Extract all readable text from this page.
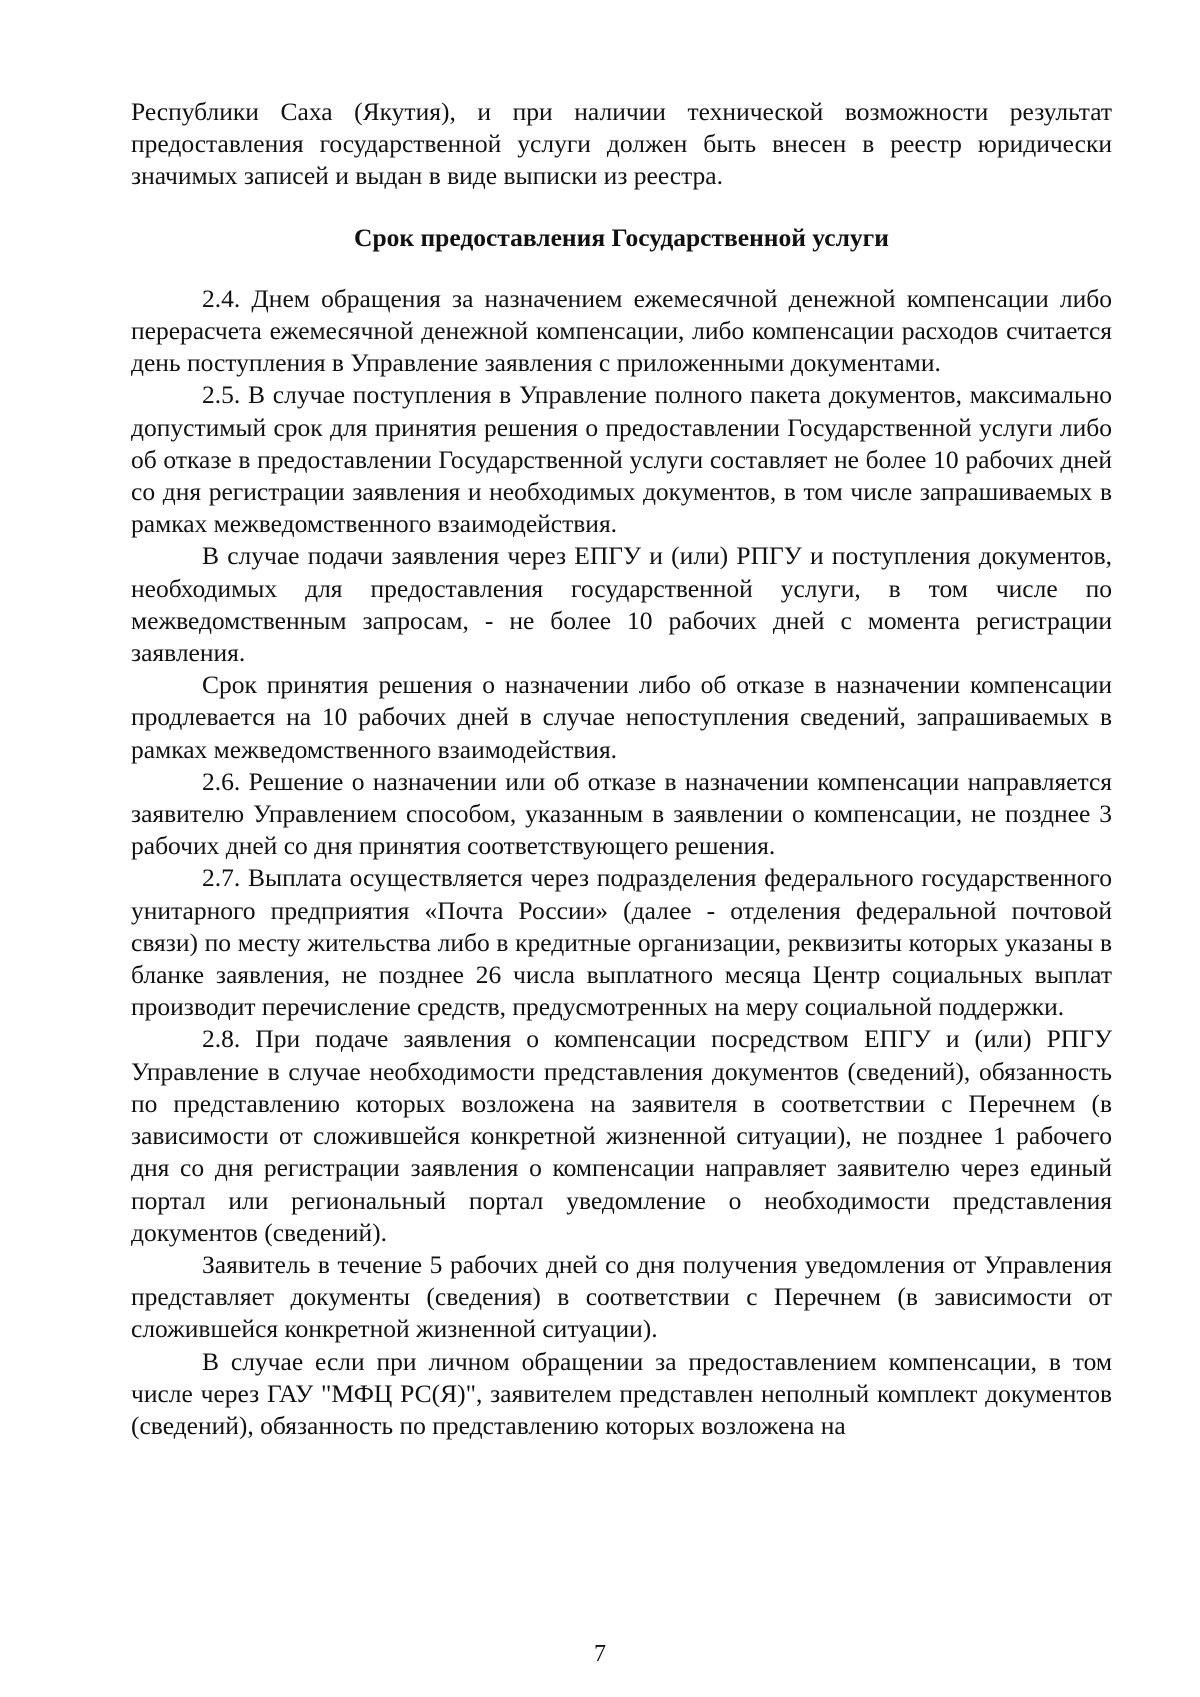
Республики Саха (Якутия), и при наличии технической возможности результат предоставления государственной услуги должен быть внесен в реестр юридически значимых записей и выдан в виде выписки из реестра.

Срок предоставления Государственной услуги

2.4. Днем обращения за назначением ежемесячной денежной компенсации либо перерасчета ежемесячной денежной компенсации, либо компенсации расходов считается день поступления в Управление заявления с приложенными документами.

2.5. В случае поступления в Управление полного пакета документов, максимально допустимый срок для принятия решения о предоставлении Государственной услуги либо об отказе в предоставлении Государственной услуги составляет не более 10 рабочих дней со дня регистрации заявления и необходимых документов, в том числе запрашиваемых в рамках межведомственного взаимодействия.

В случае подачи заявления через ЕПГУ и (или) РПГУ и поступления документов, необходимых для предоставления государственной услуги, в том числе по межведомственным запросам, - не более 10 рабочих дней с момента регистрации заявления.

Срок принятия решения о назначении либо об отказе в назначении компенсации продлевается на 10 рабочих дней в случае непоступления сведений, запрашиваемых в рамках межведомственного взаимодействия.

2.6. Решение о назначении или об отказе в назначении компенсации направляется заявителю Управлением способом, указанным в заявлении о компенсации, не позднее 3 рабочих дней со дня принятия соответствующего решения.

2.7. Выплата осуществляется через подразделения федерального государственного унитарного предприятия «Почта России» (далее - отделения федеральной почтовой связи) по месту жительства либо в кредитные организации, реквизиты которых указаны в бланке заявления, не позднее 26 числа выплатного месяца Центр социальных выплат производит перечисление средств, предусмотренных на меру социальной поддержки.

2.8. При подаче заявления о компенсации посредством ЕПГУ и (или) РПГУ Управление в случае необходимости представления документов (сведений), обязанность по представлению которых возложена на заявителя в соответствии с Перечнем (в зависимости от сложившейся конкретной жизненной ситуации), не позднее 1 рабочего дня со дня регистрации заявления о компенсации направляет заявителю через единый портал или региональный портал уведомление о необходимости представления документов (сведений).

Заявитель в течение 5 рабочих дней со дня получения уведомления от Управления представляет документы (сведения) в соответствии с Перечнем (в зависимости от сложившейся конкретной жизненной ситуации).

В случае если при личном обращении за предоставлением компенсации, в том числе через ГАУ "МФЦ РС(Я)", заявителем представлен неполный комплект документов (сведений), обязанность по представлению которых возложена на

7
